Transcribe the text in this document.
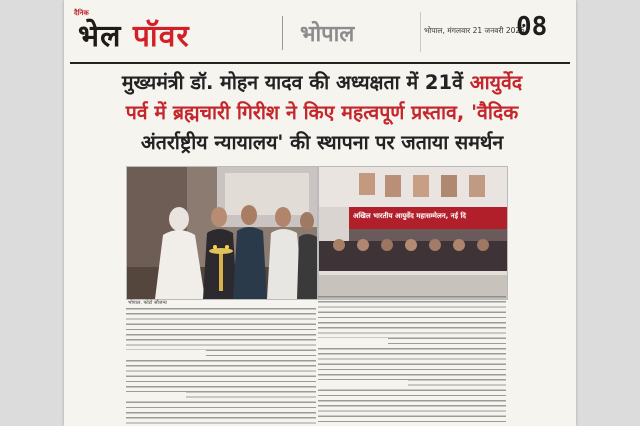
दैनिक
भेल पॉवर	भोपाल	भोपाल, मंगलवार 21 जनवरी 2025
08
मुख्यमंत्री डॉ. मोहन यादव की अध्यक्षता में 21वें आयुर्वेद
पर्व में ब्रह्मचारी गिरीश ने किए महत्वपूर्ण प्रस्ताव, 'वैदिक
अंतर्राष्ट्रीय न्यायालय' की स्थापना पर जताया समर्थन
अखिल भारतीय आयुर्वेद महासम्मेलन, नई दि
भोपाल. फोटो सौजन्य
